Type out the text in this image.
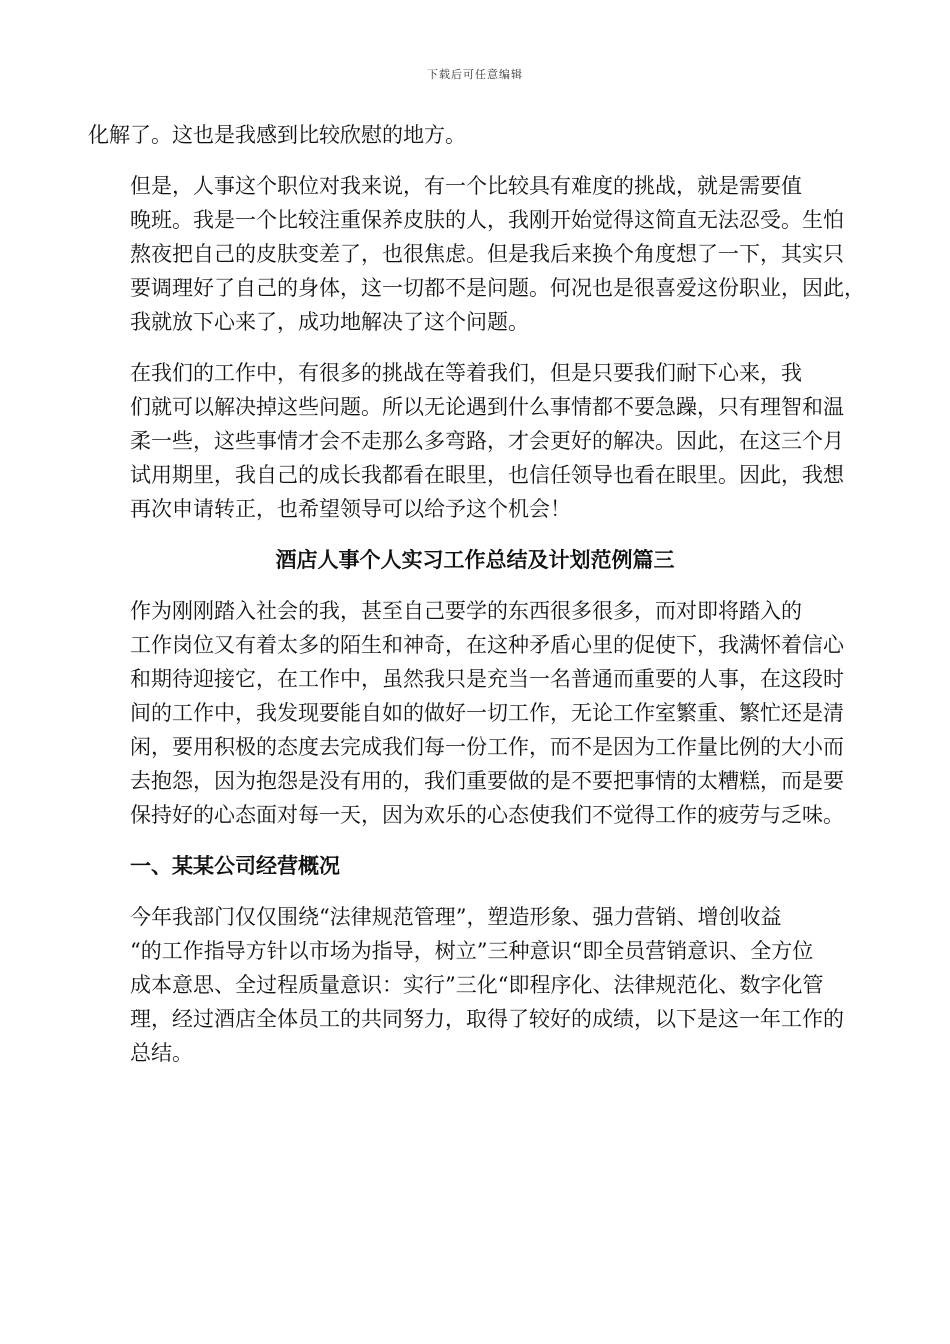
下载后可任意编辑
化解了。这也是我感到比较欣慰的地方。
但是，人事这个职位对我来说，有一个比较具有难度的挑战，就是需要值
晚班。我是一个比较注重保养皮肤的人，我刚开始觉得这简直无法忍受。生怕
熬夜把自己的皮肤变差了，也很焦虑。但是我后来换个角度想了一下，其实只
要调理好了自己的身体，这一切都不是问题。何况也是很喜爱这份职业，因此，
我就放下心来了，成功地解决了这个问题。
在我们的工作中，有很多的挑战在等着我们，但是只要我们耐下心来，我
们就可以解决掉这些问题。所以无论遇到什么事情都不要急躁，只有理智和温
柔一些，这些事情才会不走那么多弯路，才会更好的解决。因此，在这三个月
试用期里，我自己的成长我都看在眼里，也信任领导也看在眼里。因此，我想
再次申请转正，也希望领导可以给予这个机会！
酒店人事个人实习工作总结及计划范例篇三
作为刚刚踏入社会的我，甚至自己要学的东西很多很多，而对即将踏入的
工作岗位又有着太多的陌生和神奇，在这种矛盾心里的促使下，我满怀着信心
和期待迎接它，在工作中，虽然我只是充当一名普通而重要的人事，在这段时
间的工作中，我发现要能自如的做好一切工作，无论工作室繁重、繁忙还是清
闲，要用积极的态度去完成我们每一份工作，而不是因为工作量比例的大小而
去抱怨，因为抱怨是没有用的，我们重要做的是不要把事情的太糟糕，而是要
保持好的心态面对每一天，因为欢乐的心态使我们不觉得工作的疲劳与乏味。
一、某某公司经营概况
今年我部门仅仅围绕“法律规范管理”，塑造形象、强力营销、增创收益
“的工作指导方针以市场为指导，树立”三种意识“即全员营销意识、全方位
成本意思、全过程质量意识：实行”三化“即程序化、法律规范化、数字化管
理，经过酒店全体员工的共同努力，取得了较好的成绩，以下是这一年工作的
总结。
